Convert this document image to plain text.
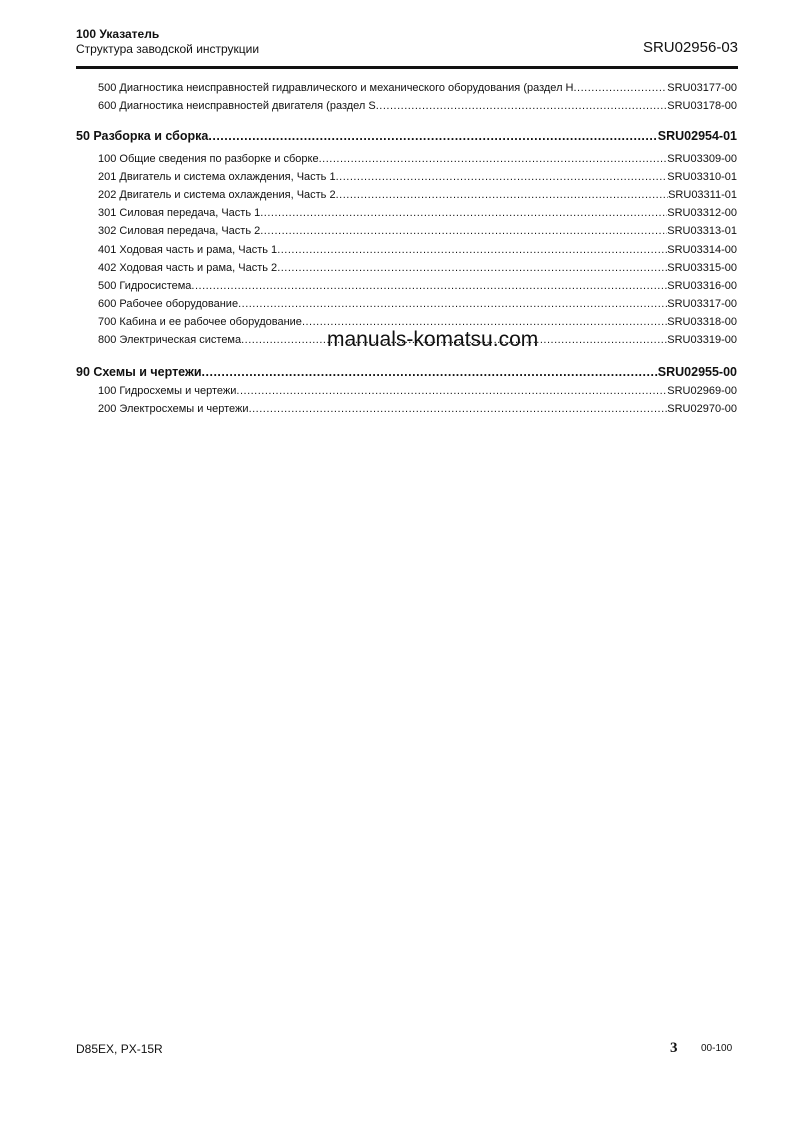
100 Указатель
Структура заводской инструкции	SRU02956-03
500 Диагностика неисправностей гидравлического и механического оборудования (раздел H .....	SRU03177-00
600 Диагностика неисправностей двигателя (раздел S .....	SRU03178-00
50 Разборка и сборка .....	SRU02954-01
100 Общие сведения по разборке и сборке .....	SRU03309-00
201 Двигатель и система охлаждения, Часть 1 .....	SRU03310-01
202 Двигатель и система охлаждения, Часть 2 .....	SRU03311-01
301 Силовая передача, Часть 1 .....	SRU03312-00
302 Силовая передача, Часть 2 .....	SRU03313-01
401 Ходовая часть и рама, Часть 1 .....	SRU03314-00
402 Ходовая часть и рама, Часть 2 .....	SRU03315-00
500 Гидросистема .....	SRU03316-00
600 Рабочее оборудование .....	SRU03317-00
700 Кабина и ее рабочее оборудование .....	SRU03318-00
800 Электрическая система .....	SRU03319-00
90 Схемы и чертежи .....	SRU02955-00
100 Гидросхемы и чертежи .....	SRU02969-00
200 Электросхемы и чертежи .....	SRU02970-00
manuals-komatsu.com
D85EX, PX-15R	3 00-100
